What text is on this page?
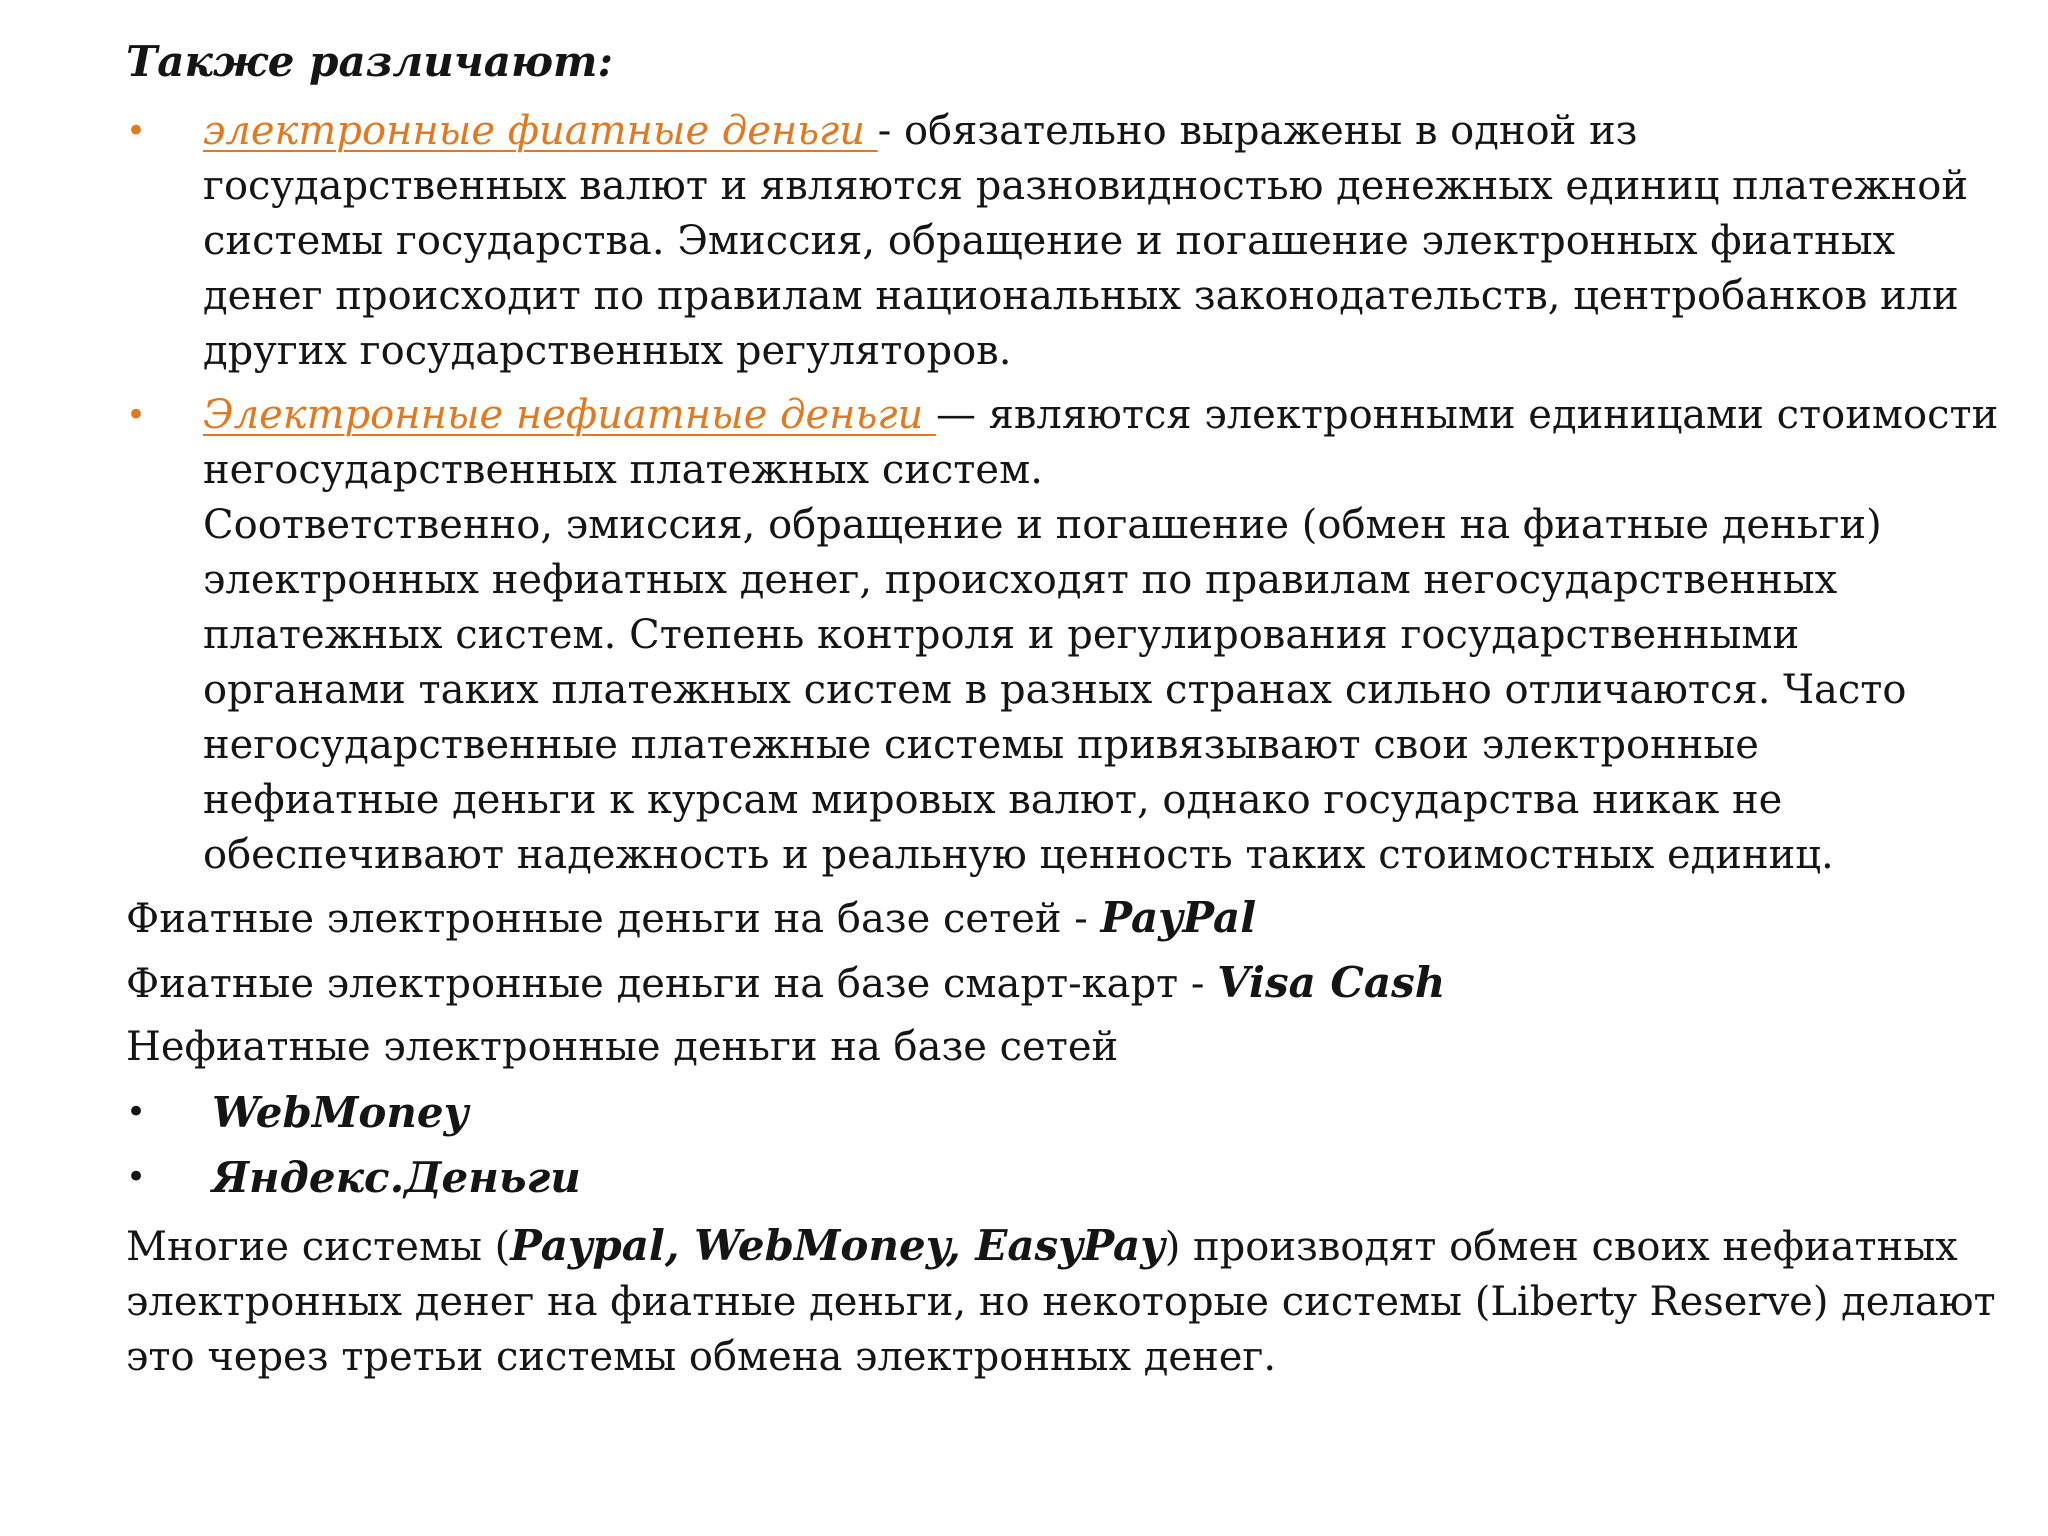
Также различают:
• электронные фиатные деньги - обязательно выражены в одной из государственных валют и являются разновидностью денежных единиц платежной системы государства. Эмиссия, обращение и погашение электронных фиатных денег происходит по правилам национальных законодательств, центробанков или других государственных регуляторов.

• Электронные нефиатные деньги — являются электронными единицами стоимости негосударственных платежных систем.

Соответственно, эмиссия, обращение и погашение (обмен на фиатные деньги) электронных нефиатных денег, происходят по правилам негосударственных платежных систем. Степень контроля и регулирования государственными органами таких платежных систем в разных странах сильно отличаются. Часто негосударственные платежные системы привязывают свои электронные нефиатные деньги к курсам мировых валют, однако государства никак не обеспечивают надежность и реальную ценность таких стоимостных единиц.

Фиатные электронные деньги на базе сетей - PayPal
Фиатные электронные деньги на базе смарт-карт - Visa Cash
Нефиатные электронные деньги на базе сетей
• WebMoney
• Яндекс.Деньги

Многие системы (Paypal, WebMoney, EasyPay) производят обмен своих нефиатных электронных денег на фиатные деньги, но некоторые системы (Liberty Reserve) делают это через третьи системы обмена электронных денег.
